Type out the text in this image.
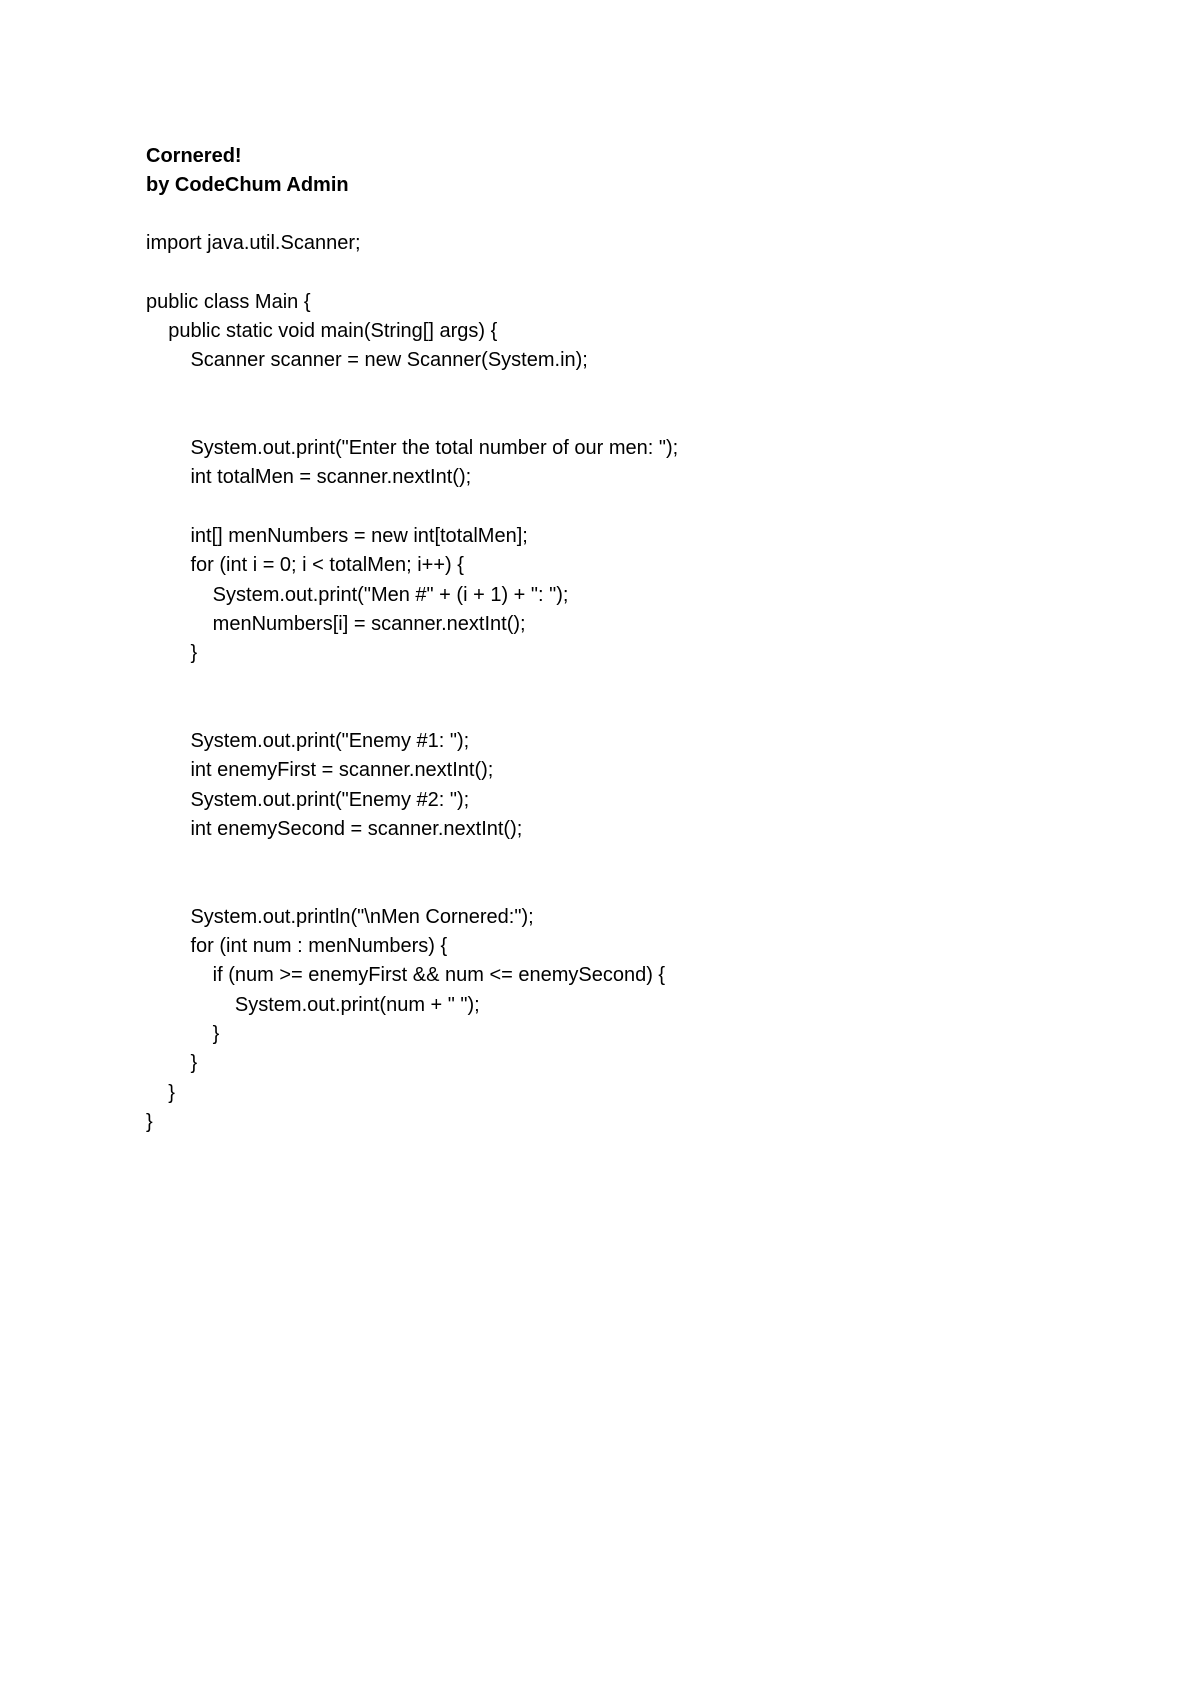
Cornered!
by CodeChum Admin
import java.util.Scanner;

public class Main {
public static void main(String[] args) {
Scanner scanner = new Scanner(System.in);

System.out.print("Enter the total number of our men: ");
int totalMen = scanner.nextInt();

int[] menNumbers = new int[totalMen];
for (int i = 0; i < totalMen; i++) {
System.out.print("Men #" + (i + 1) + ": ");
menNumbers[i] = scanner.nextInt();
}

System.out.print("Enemy #1: ");
int enemyFirst = scanner.nextInt();
System.out.print("Enemy #2: ");
int enemySecond = scanner.nextInt();

System.out.println("\nMen Cornered:");
for (int num : menNumbers) {
if (num >= enemyFirst && num <= enemySecond) {
System.out.print(num + " ");
}
}
}
}
